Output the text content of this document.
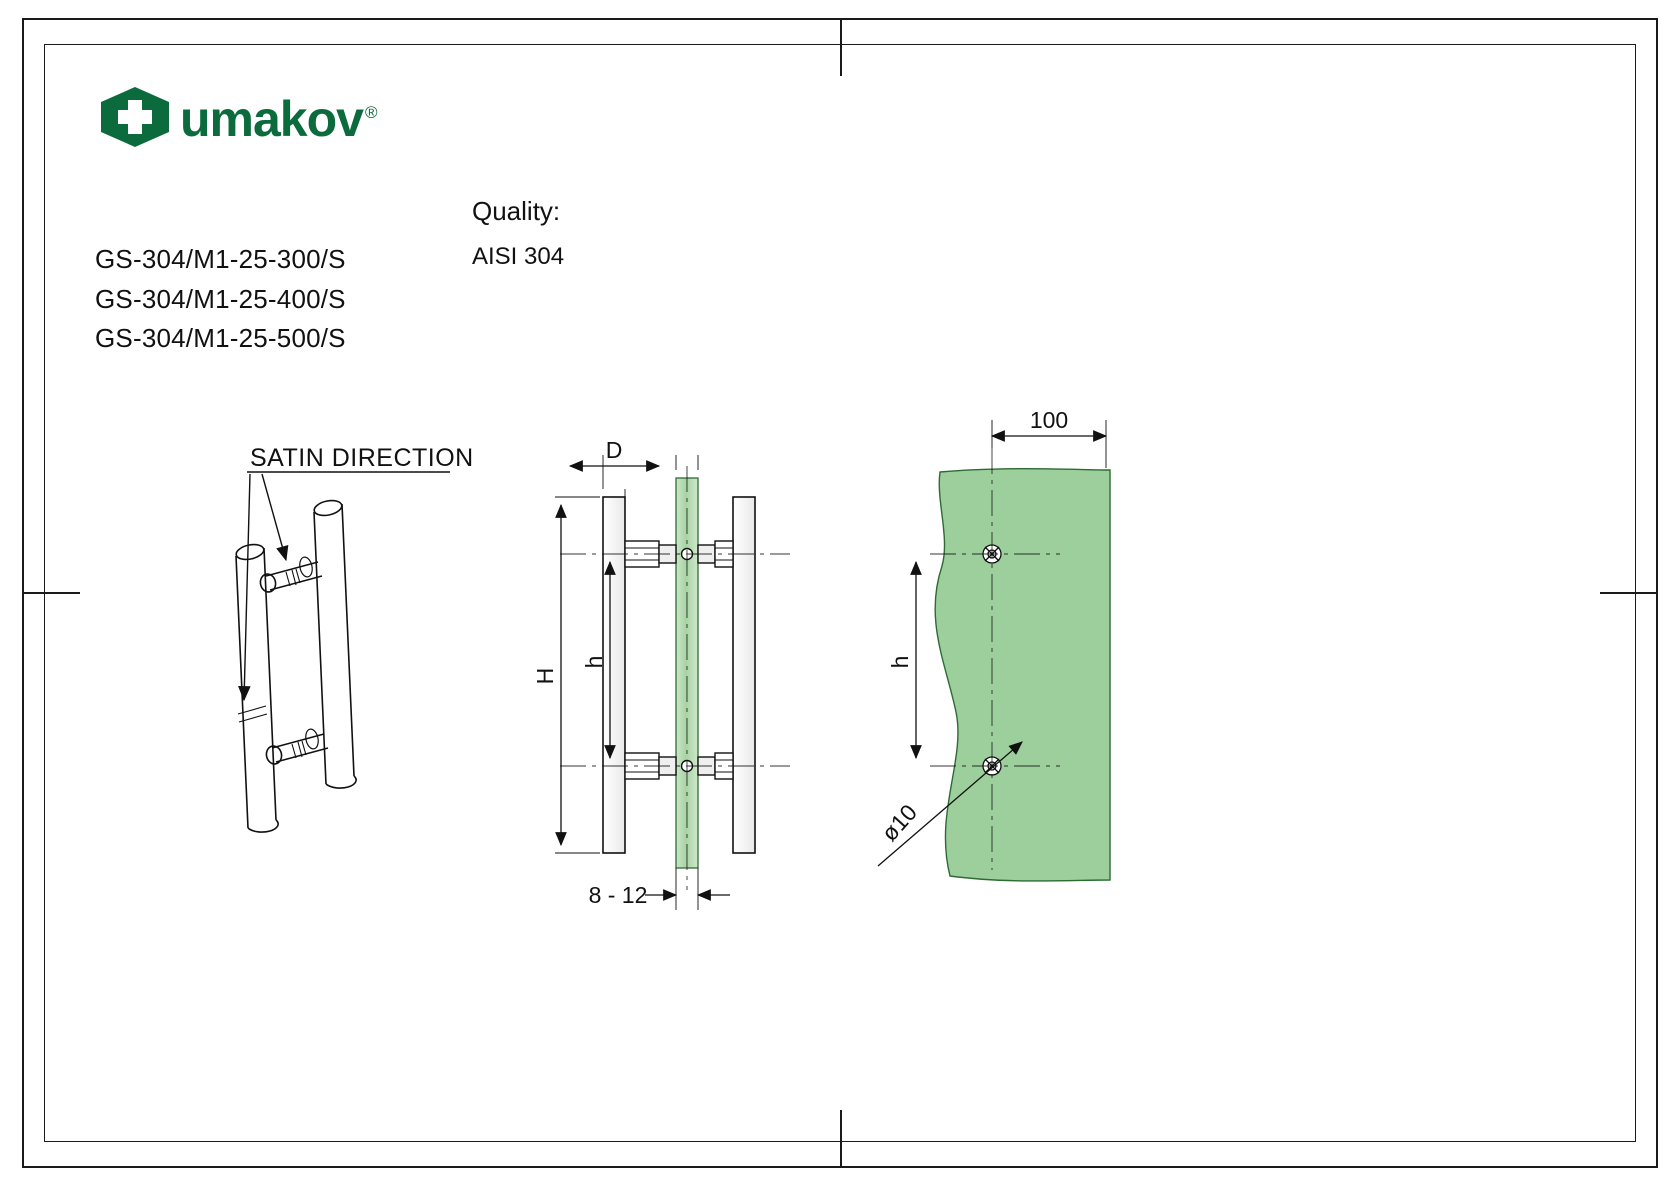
umakov ®
GS-304/M1-25-300/S
GS-304/M1-25-400/S
GS-304/M1-25-500/S
Quality:
AISI 304
SATIN DIRECTION
H
h
D
8 - 12
100
h
ø10
